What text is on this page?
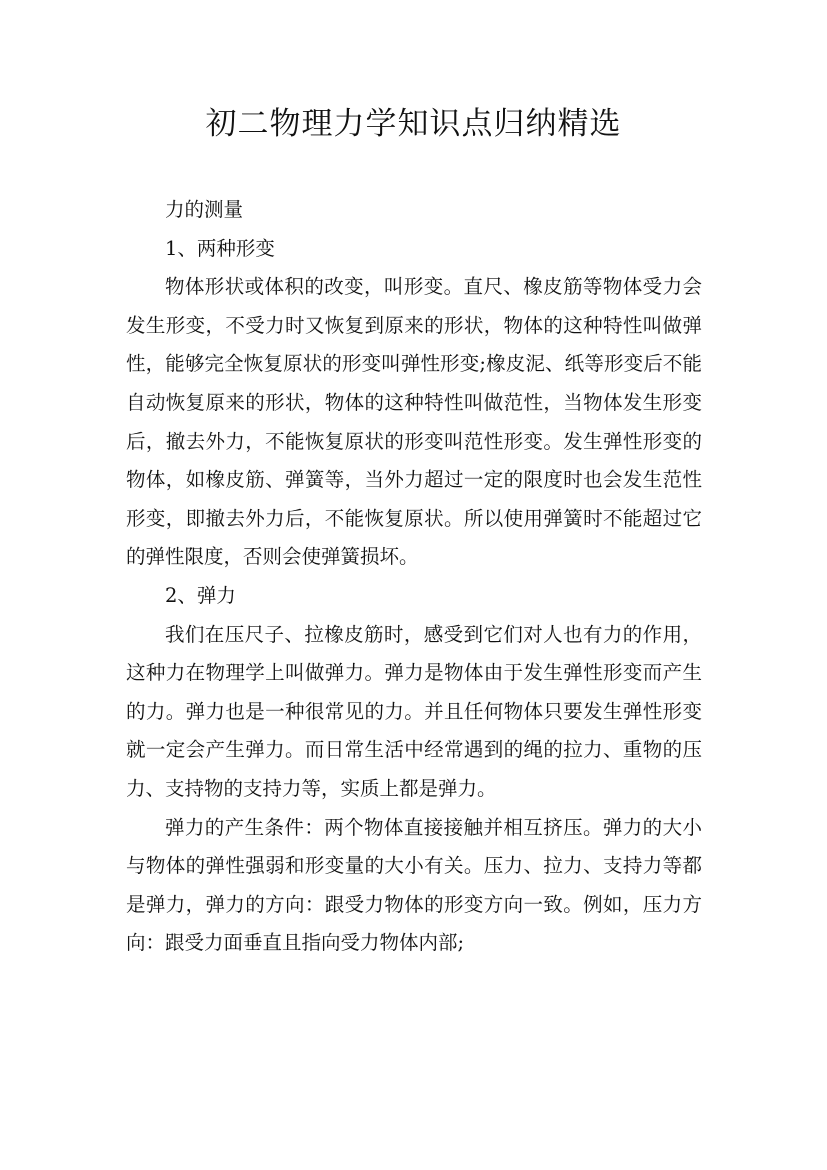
初二物理力学知识点归纳精选

力的测量

1、两种形变

物体形状或体积的改变，叫形变。直尺、橡皮筋等物体受力会发生形变，不受力时又恢复到原来的形状，物体的这种特性叫做弹性，能够完全恢复原状的形变叫弹性形变;橡皮泥、纸等形变后不能自动恢复原来的形状，物体的这种特性叫做范性，当物体发生形变后，撤去外力，不能恢复原状的形变叫范性形变。发生弹性形变的物体，如橡皮筋、弹簧等，当外力超过一定的限度时也会发生范性形变，即撤去外力后，不能恢复原状。所以使用弹簧时不能超过它的弹性限度，否则会使弹簧损坏。

2、弹力

我们在压尺子、拉橡皮筋时，感受到它们对人也有力的作用，这种力在物理学上叫做弹力。弹力是物体由于发生弹性形变而产生的力。弹力也是一种很常见的力。并且任何物体只要发生弹性形变就一定会产生弹力。而日常生活中经常遇到的绳的拉力、重物的压力、支持物的支持力等，实质上都是弹力。

弹力的产生条件：两个物体直接接触并相互挤压。弹力的大小与物体的弹性强弱和形变量的大小有关。压力、拉力、支持力等都是弹力，弹力的方向：跟受力物体的形变方向一致。例如，压力方向：跟受力面垂直且指向受力物体内部;
